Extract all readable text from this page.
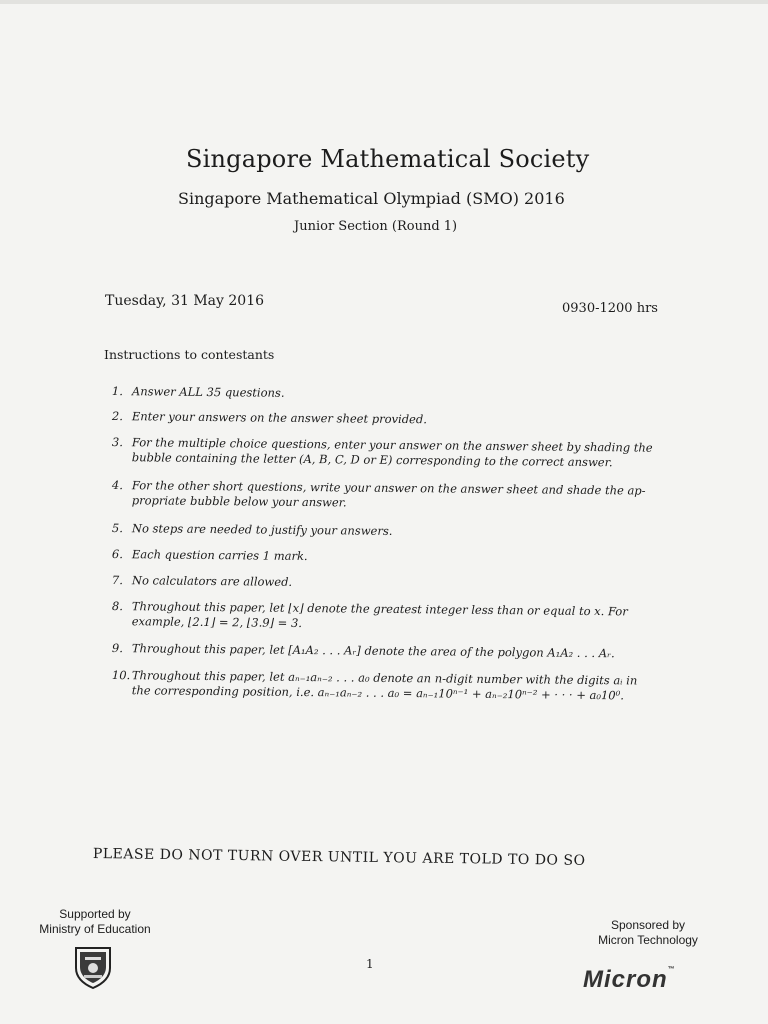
Singapore Mathematical Society
Singapore Mathematical Olympiad (SMO) 2016
Junior Section (Round 1)
Tuesday, 31 May 2016	0930-1200 hrs
Instructions to contestants
1. Answer ALL 35 questions.
2. Enter your answers on the answer sheet provided.
3. For the multiple choice questions, enter your answer on the answer sheet by shading the
bubble containing the letter (A, B, C, D or E) corresponding to the correct answer.
4. For the other short questions, write your answer on the answer sheet and shade the ap-
propriate bubble below your answer.
5. No steps are needed to justify your answers.
6. Each question carries 1 mark.
7. No calculators are allowed.
8. Throughout this paper, let ⌊x⌋ denote the greatest integer less than or equal to x. For
example, ⌊2.1⌋ = 2, ⌊3.9⌋ = 3.
9. Throughout this paper, let [A₁A₂ . . . Aᵣ] denote the area of the polygon A₁A₂ . . . Aᵣ.
10. Throughout this paper, let aₙ₋₁aₙ₋₂ . . . a₀ denote an n-digit number with the digits aᵢ in
the corresponding position, i.e. aₙ₋₁aₙ₋₂ . . . a₀ = aₙ₋₁10ⁿ⁻¹ + aₙ₋₂10ⁿ⁻² + · · · + a₀10⁰.
PLEASE DO NOT TURN OVER UNTIL YOU ARE TOLD TO DO SO
Supported by
Ministry of Education
1
Sponsored by
Micron Technology
Micron™
